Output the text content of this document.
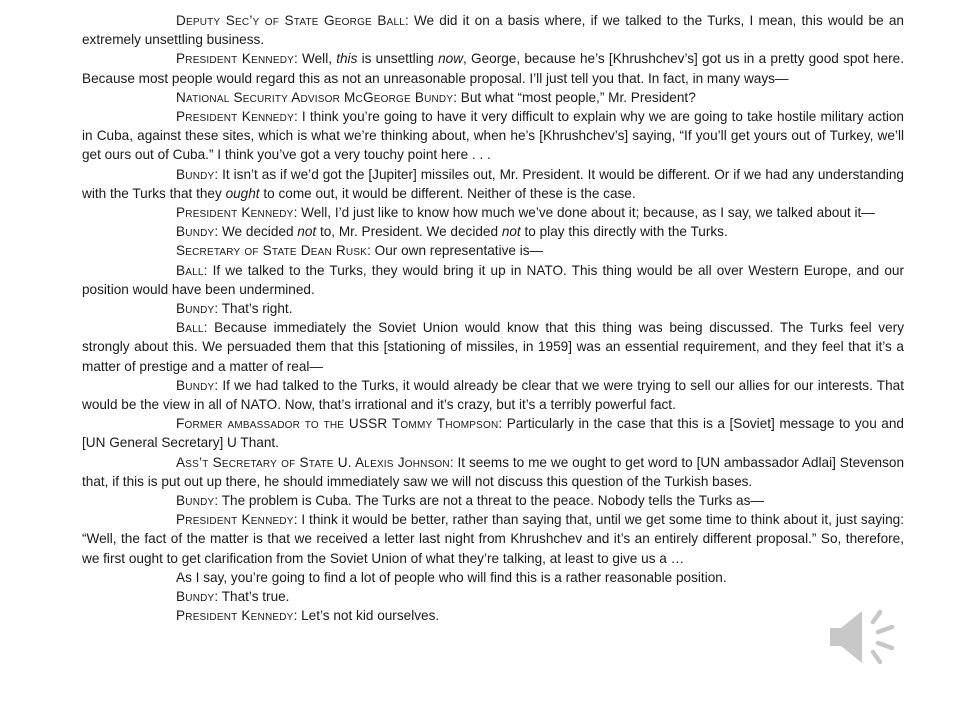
Deputy Sec’y of State George Ball: We did it on a basis where, if we talked to the Turks, I mean, this would be an extremely unsettling business.

President Kennedy: Well, this is unsettling now, George, because he’s [Khrushchev’s] got us in a pretty good spot here. Because most people would regard this as not an unreasonable proposal. I’ll just tell you that. In fact, in many ways—

National Security Advisor McGeorge Bundy: But what “most people,” Mr. President?

President Kennedy: I think you’re going to have it very difficult to explain why we are going to take hostile military action in Cuba, against these sites, which is what we’re thinking about, when he’s [Khrushchev’s] saying, “If you’ll get yours out of Turkey, we’ll get ours out of Cuba.” I think you’ve got a very touchy point here . . .

Bundy: It isn’t as if we’d got the [Jupiter] missiles out, Mr. President. It would be different. Or if we had any understanding with the Turks that they ought to come out, it would be different. Neither of these is the case.

President Kennedy: Well, I’d just like to know how much we’ve done about it; because, as I say, we talked about it—

Bundy: We decided not to, Mr. President. We decided not to play this directly with the Turks.

Secretary of State Dean Rusk: Our own representative is—

Ball: If we talked to the Turks, they would bring it up in NATO. This thing would be all over Western Europe, and our position would have been undermined.

Bundy: That’s right.

Ball: Because immediately the Soviet Union would know that this thing was being discussed. The Turks feel very strongly about this. We persuaded them that this [stationing of missiles, in 1959] was an essential requirement, and they feel that it’s a matter of prestige and a matter of real—

Bundy: If we had talked to the Turks, it would already be clear that we were trying to sell our allies for our interests. That would be the view in all of NATO. Now, that’s irrational and it’s crazy, but it’s a terribly powerful fact.

Former ambassador to the USSR Tommy Thompson: Particularly in the case that this is a [Soviet] message to you and [UN General Secretary] U Thant.

Ass’t Secretary of State U. Alexis Johnson: It seems to me we ought to get word to [UN ambassador Adlai] Stevenson that, if this is put out up there, he should immediately saw we will not discuss this question of the Turkish bases.

Bundy: The problem is Cuba. The Turks are not a threat to the peace. Nobody tells the Turks as—

President Kennedy: I think it would be better, rather than saying that, until we get some time to think about it, just saying: “Well, the fact of the matter is that we received a letter last night from Khrushchev and it’s an entirely different proposal.” So, therefore, we first ought to get clarification from the Soviet Union of what they’re talking, at least to give us a …

As I say, you’re going to find a lot of people who will find this is a rather reasonable position.

Bundy: That’s true.

President Kennedy: Let’s not kid ourselves.
